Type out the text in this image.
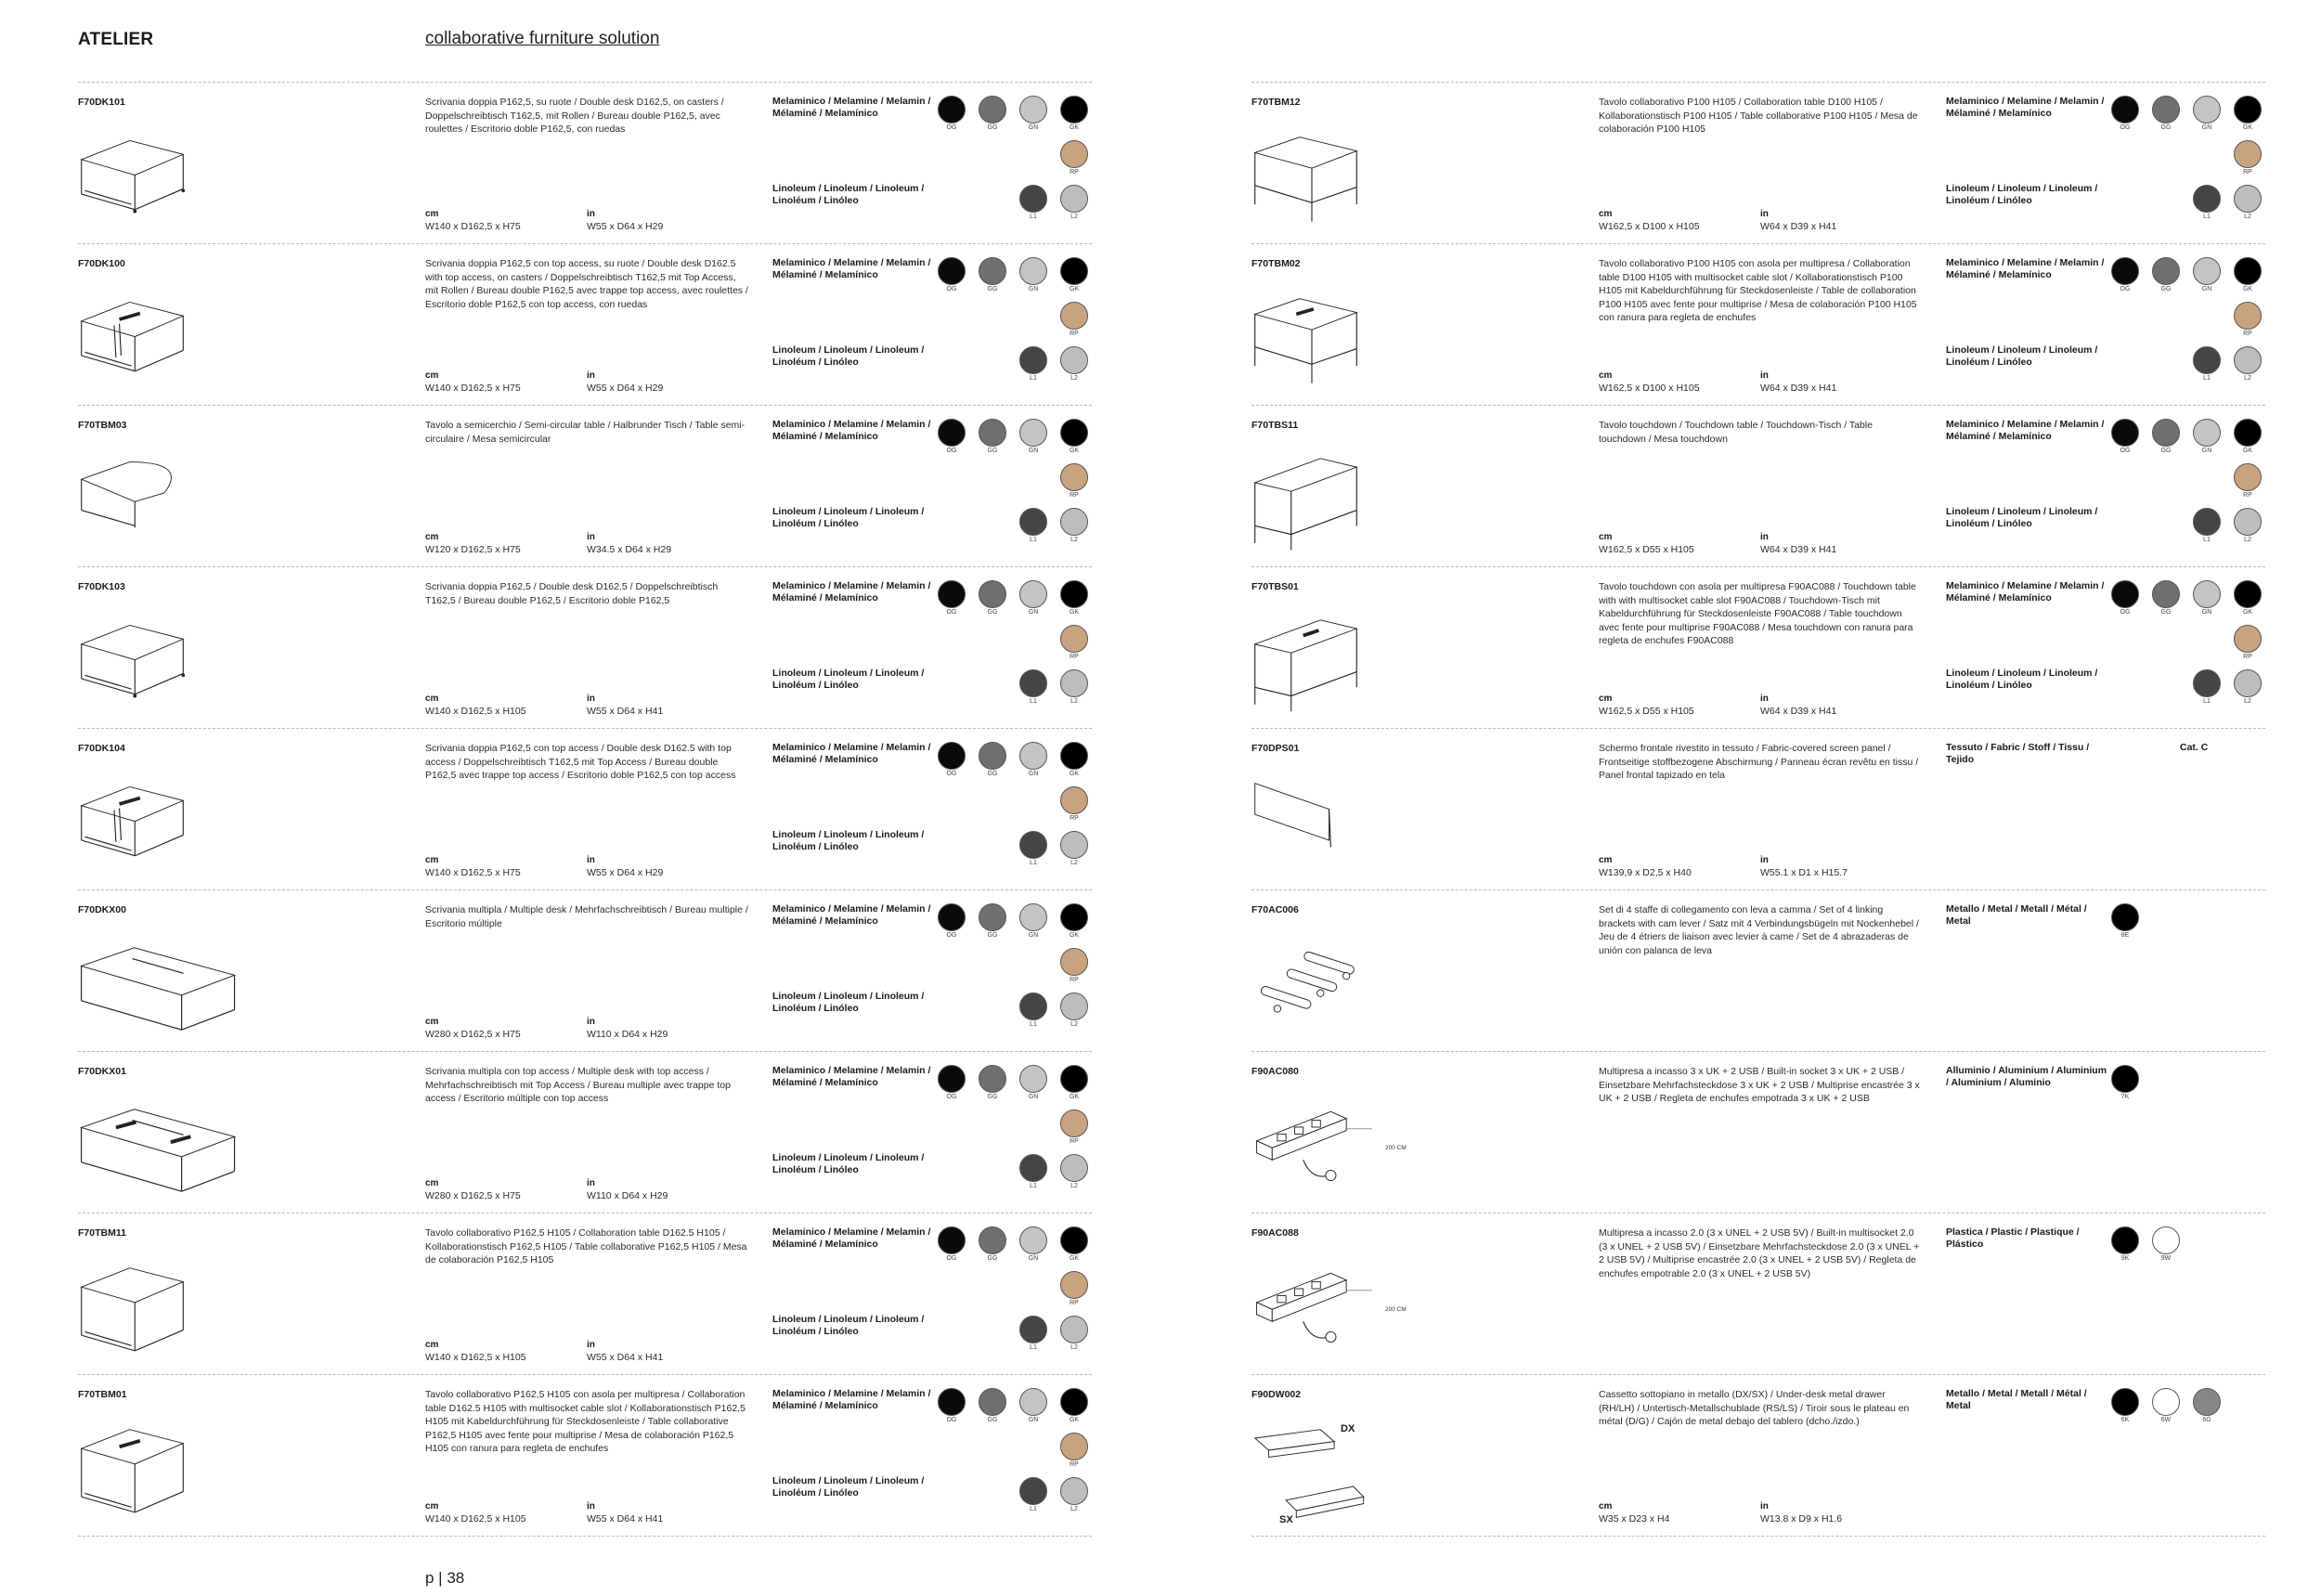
ATELIER	collaborative furniture solution
p | 38
F70DK101	Scrivania doppia P162,5, su ruote / Double desk D162,5, on casters / Doppelschreibtisch T162,5, mit Rollen / Bureau double P162,5, avec roulettes / Escritorio doble P162,5, con ruedas
Melaminico / Melamine / Melamin / Mélaminé / Melamínico
OG	GG	GN	GK
RP
Linoleum / Linoleum / Linoleum / Linoléum / Linóleo
L1	L2
cm
W140 x D162,5 x H75
in
W55 x D64 x H29
F70DK100	Scrivania doppia P162,5 con top access, su ruote / Double desk D162.5 with top access, on casters / Doppelschreibtisch T162,5 mit Top Access, mit Rollen / Bureau double P162,5 avec trappe top access, avec roulettes / Escritorio doble P162,5 con top access, con ruedas
Melaminico / Melamine / Melamin / Mélaminé / Melamínico
OG	GG	GN	GK
RP
Linoleum / Linoleum / Linoleum / Linoléum / Linóleo
L1	L2
cm
W140 x D162,5 x H75
in
W55 x D64 x H29
F70TBM03	Tavolo a semicerchio / Semi-circular table / Halbrunder Tisch / Table semi-circulaire / Mesa semicircular
Melaminico / Melamine / Melamin / Mélaminé / Melamínico
OG	GG	GN	GK
RP
Linoleum / Linoleum / Linoleum / Linoléum / Linóleo
L1	L2
cm
W120 x D162,5 x H75
in
W34.5 x D64 x H29
F70DK103	Scrivania doppia P162,5 / Double desk D162.5 / Doppelschreibtisch T162,5 / Bureau double P162,5 / Escritorio doble P162,5
Melaminico / Melamine / Melamin / Mélaminé / Melamínico
OG	GG	GN	GK
RP
Linoleum / Linoleum / Linoleum / Linoléum / Linóleo
L1	L2
cm
W140 x D162,5 x H105
in
W55 x D64 x H41
F70DK104	Scrivania doppia P162,5 con top access / Double desk D162.5 with top access / Doppelschreibtisch T162,5 mit Top Access / Bureau double P162,5 avec trappe top access / Escritorio doble P162,5 con top access
Melaminico / Melamine / Melamin / Mélaminé / Melamínico
OG	GG	GN	GK
RP
Linoleum / Linoleum / Linoleum / Linoléum / Linóleo
L1	L2
cm
W140 x D162,5 x H75
in
W55 x D64 x H29
F70DKX00	Scrivania multipla / Multiple desk / Mehrfachschreibtisch / Bureau multiple / Escritorio múltiple
Melaminico / Melamine / Melamin / Mélaminé / Melamínico
OG	GG	GN	GK
RP
Linoleum / Linoleum / Linoleum / Linoléum / Linóleo
L1	L2
cm
W280 x D162,5 x H75
in
W110 x D64 x H29
F70DKX01	Scrivania multipla con top access / Multiple desk with top access / Mehrfachschreibtisch mit Top Access / Bureau multiple avec trappe top access / Escritorio múltiple con top access
Melaminico / Melamine / Melamin / Mélaminé / Melamínico
OG	GG	GN	GK
RP
Linoleum / Linoleum / Linoleum / Linoléum / Linóleo
L1	L2
cm
W280 x D162,5 x H75
in
W110 x D64 x H29
F70TBM11	Tavolo collaborativo P162,5 H105 / Collaboration table D162.5 H105 / Kollaborationstisch P162,5 H105 / Table collaborative P162,5 H105 / Mesa de colaboración P162,5 H105
Melaminico / Melamine / Melamin / Mélaminé / Melamínico
OG	GG	GN	GK
RP
Linoleum / Linoleum / Linoleum / Linoléum / Linóleo
L1	L2
cm
W140 x D162,5 x H105
in
W55 x D64 x H41
F70TBM01	Tavolo collaborativo P162,5 H105 con asola per multipresa / Collaboration table D162.5 H105 with multisocket cable slot / Kollaborationstisch P162,5 H105 mit Kabeldurchführung für Steckdosenleiste / Table collaborative P162,5 H105 avec fente pour multiprise / Mesa de colaboración P162,5 H105 con ranura para regleta de enchufes
Melaminico / Melamine / Melamin / Mélaminé / Melamínico
OG	GG	GN	GK
RP
Linoleum / Linoleum / Linoleum / Linoléum / Linóleo
L1	L2
cm
W140 x D162,5 x H105
in
W55 x D64 x H41
F70TBM12	Tavolo collaborativo P100 H105 / Collaboration table D100 H105 / Kollaborationstisch P100 H105 / Table collaborative P100 H105 / Mesa de colaboración P100 H105
Melaminico / Melamine / Melamin / Mélaminé / Melamínico
OG	GG	GN	GK
RP
Linoleum / Linoleum / Linoleum / Linoléum / Linóleo
L1	L2
cm
W162,5 x D100 x H105
in
W64 x D39 x H41
F70TBM02	Tavolo collaborativo P100 H105 con asola per multipresa / Collaboration table D100 H105 with multisocket cable slot / Kollaborationstisch P100 H105 mit Kabeldurchführung für Steckdosenleiste / Table de collaboration P100 H105 avec fente pour multiprise / Mesa de colaboración P100 H105 con ranura para regleta de enchufes
Melaminico / Melamine / Melamin / Mélaminé / Melamínico
OG	GG	GN	GK
RP
Linoleum / Linoleum / Linoleum / Linoléum / Linóleo
L1	L2
cm
W162,5 x D100 x H105
in
W64 x D39 x H41
F70TBS11	Tavolo touchdown / Touchdown table / Touchdown-Tisch / Table touchdown / Mesa touchdown
Melaminico / Melamine / Melamin / Mélaminé / Melamínico
OG	GG	GN	GK
RP
Linoleum / Linoleum / Linoleum / Linoléum / Linóleo
L1	L2
cm
W162,5 x D55 x H105
in
W64 x D39 x H41
F70TBS01	Tavolo touchdown con asola per multipresa F90AC088 / Touchdown table with with multisocket cable slot F90AC088 / Touchdown-Tisch mit Kabeldurchführung für Steckdosenleiste F90AC088 / Table touchdown avec fente pour multiprise F90AC088 / Mesa touchdown con ranura para regleta de enchufes F90AC088
Melaminico / Melamine / Melamin / Mélaminé / Melamínico
OG	GG	GN	GK
RP
Linoleum / Linoleum / Linoleum / Linoléum / Linóleo
L1	L2
cm
W162,5 x D55 x H105
in
W64 x D39 x H41
F70DPS01	Schermo frontale rivestito in tessuto / Fabric-covered screen panel / Frontseitige stoffbezogene Abschirmung / Panneau écran revêtu en tissu / Panel frontal tapizado en tela
Tessuto / Fabric / Stoff / Tissu / Tejido
Cat. C
cm
W139,9 x D2,5 x H40
in
W55.1 x D1 x H15.7
F70AC006	Set di 4 staffe di collegamento con leva a camma / Set of 4 linking brackets with cam lever / Satz mit 4 Verbindungsbügeln mit Nockenhebel / Jeu de 4 étriers de liaison avec levier à came / Set de 4 abrazaderas de unión con palanca de leva
Metallo / Metal / Metall / Métal / Metal
8E
F90AC080	Multipresa a incasso 3 x UK + 2 USB / Built-in socket 3 x UK + 2 USB / Einsetzbare Mehrfachsteckdose 3 x UK + 2 USB / Multiprise encastrée 3 x UK + 2 USB / Regleta de enchufes empotrada 3 x UK + 2 USB
Alluminio / Aluminium / Aluminium / Aluminium / Aluminio
7K
200 CM
F90AC088	Multipresa a incasso 2.0 (3 x UNEL + 2 USB 5V) / Built-in multisocket 2.0 (3 x UNEL + 2 USB 5V) / Einsetzbare Mehrfachsteckdose 2.0 (3 x UNEL + 2 USB 5V) / Multiprise encastrée 2.0 (3 x UNEL + 2 USB 5V) / Regleta de enchufes empotrable 2.0 (3 x UNEL + 2 USB 5V)
Plastica / Plastic / Plastique / Plástico
9K	9W
200 CM
F90DW002	Cassetto sottopiano in metallo (DX/SX) / Under-desk metal drawer (RH/LH) / Untertisch-Metallschublade (RS/LS) / Tiroir sous le plateau en métal (D/G) / Cajón de metal debajo del tablero (dcho./izdo.)
Metallo / Metal / Metall / Métal / Metal
6K	6W	6G
DX
SX
cm
W35 x D23 x H4
in
W13.8 x D9 x H1.6
